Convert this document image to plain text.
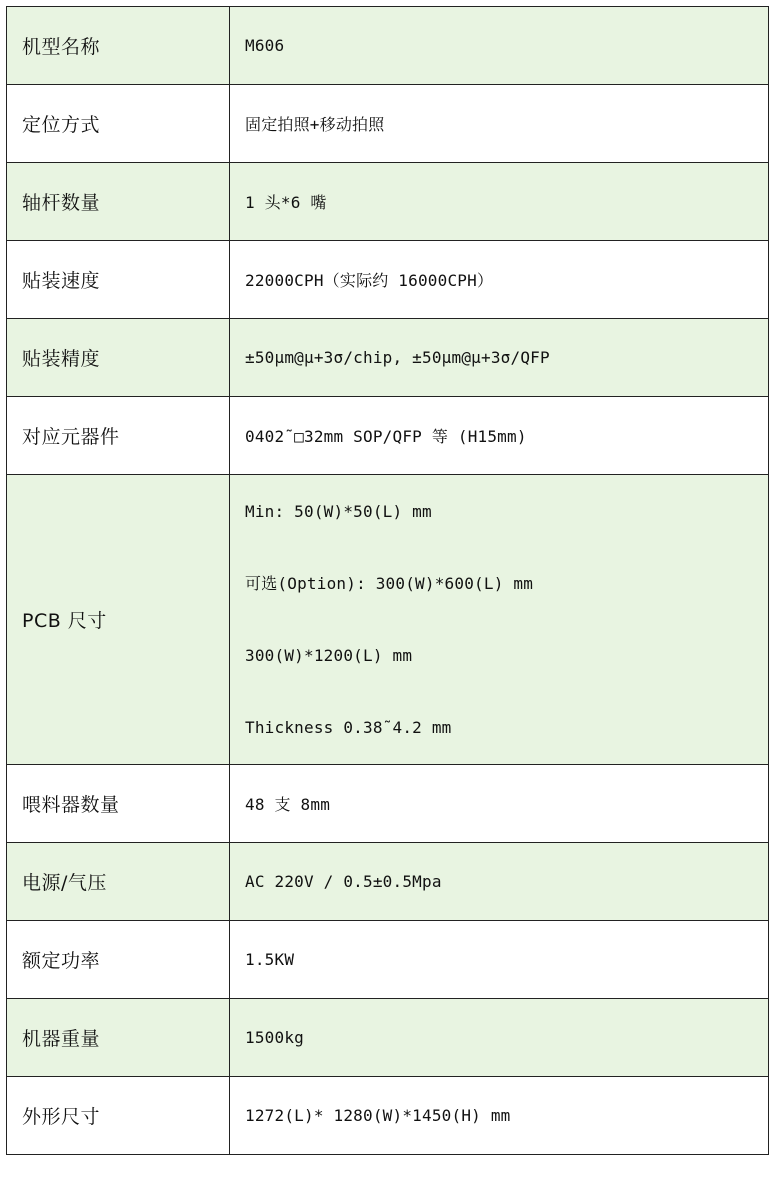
机型名称	M606
定位方式	固定拍照+移动拍照
轴杆数量	1 头*6 嘴
贴装速度	22000CPH（实际约 16000CPH）
贴装精度	±50μm@μ+3σ/chip, ±50μm@μ+3σ/QFP
对应元器件	0402˜□32mm SOP/QFP 等 (H15mm)
PCB 尺寸	Min: 50(W)*50(L) mm
可选(Option): 300(W)*600(L) mm
300(W)*1200(L) mm
Thickness 0.38˜4.2 mm

喂料器数量	48 支 8mm
电源/气压	AC 220V / 0.5±0.5Mpa
额定功率	1.5KW
机器重量	1500kg
外形尺寸	1272(L)* 1280(W)*1450(H) mm
